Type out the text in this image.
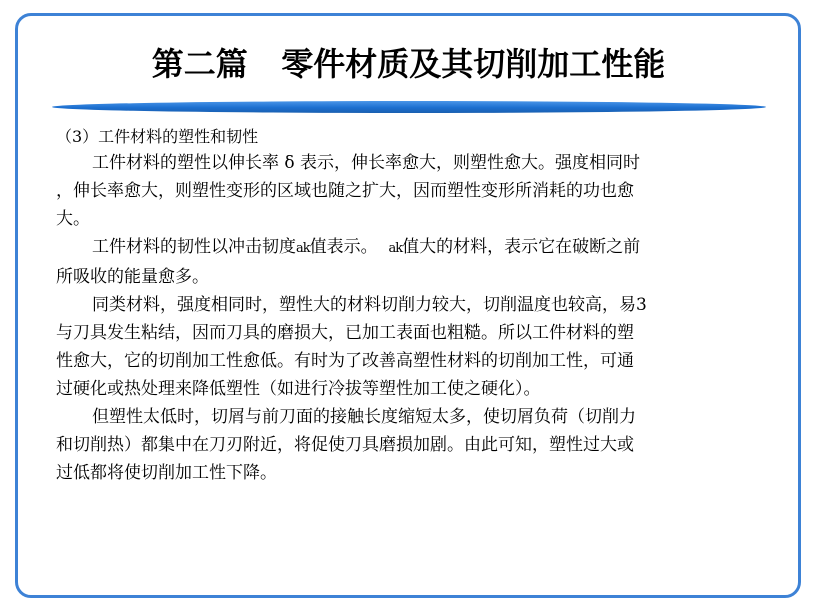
第二篇   零件材质及其切削加工性能

（3）工件材料的塑性和韧性

工件材料的塑性以伸长率 δ 表示，伸长率愈大，则塑性愈大。强度相同时

，伸长率愈大，则塑性变形的区域也随之扩大，因而塑性变形所消耗的功也愈

大。

工件材料的韧性以冲击韧度ak值表示。 ak值大的材料，表示它在破断之前

所吸收的能量愈多。

同类材料，强度相同时，塑性大的材料切削力较大，切削温度也较高，易3

与刀具发生粘结，因而刀具的磨损大，已加工表面也粗糙。所以工件材料的塑

性愈大，它的切削加工性愈低。有时为了改善高塑性材料的切削加工性，可通

过硬化或热处理来降低塑性（如进行冷拔等塑性加工使之硬化）。

但塑性太低时，切屑与前刀面的接触长度缩短太多，使切屑负荷（切削力

和切削热）都集中在刀刃附近，将促使刀具磨损加剧。由此可知，塑性过大或

过低都将使切削加工性下降。
